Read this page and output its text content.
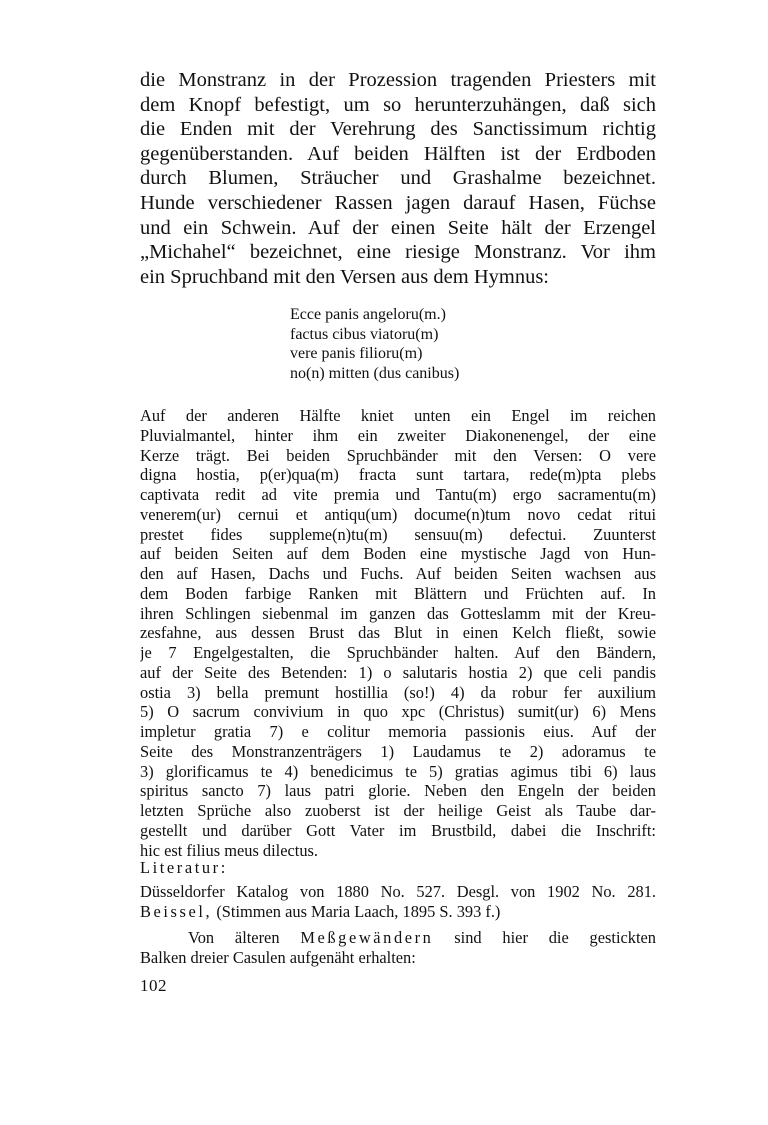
die Monstranz in der Prozession tragenden Priesters mit
dem Knopf befestigt, um so herunterzuhängen, daß sich
die Enden mit der Verehrung des Sanctissimum richtig
gegenüberstanden. Auf beiden Hälften ist der Erdboden
durch Blumen, Sträucher und Grashalme bezeichnet.
Hunde verschiedener Rassen jagen darauf Hasen, Füchse
und ein Schwein. Auf der einen Seite hält der Erzengel
„Michahel“ bezeichnet, eine riesige Monstranz. Vor ihm
ein Spruchband mit den Versen aus dem Hymnus:
Ecce panis angeloru(m.)
factus cibus viatoru(m)
vere panis filioru(m)
no(n) mitten (dus canibus)
Auf der anderen Hälfte kniet unten ein Engel im reichen
Pluvialmantel, hinter ihm ein zweiter Diakonenengel, der eine
Kerze trägt. Bei beiden Spruchbänder mit den Versen: O vere
digna hostia, p(er)qua(m) fracta sunt tartara, rede(m)pta plebs
captivata redit ad vite premia und Tantu(m) ergo sacramentu(m)
venerem(ur) cernui et antiqu(um) docume(n)tum novo cedat ritui
prestet fides suppleme(n)tu(m) sensuu(m) defectui. Zuunterst
auf beiden Seiten auf dem Boden eine mystische Jagd von Hun-
den auf Hasen, Dachs und Fuchs. Auf beiden Seiten wachsen aus
dem Boden farbige Ranken mit Blättern und Früchten auf. In
ihren Schlingen siebenmal im ganzen das Gotteslamm mit der Kreu-
zesfahne, aus dessen Brust das Blut in einen Kelch fließt, sowie
je 7 Engelgestalten, die Spruchbänder halten. Auf den Bändern,
auf der Seite des Betenden: 1) o salutaris hostia 2) que celi pandis
ostia 3) bella premunt hostillia (so!) 4) da robur fer auxilium
5) O sacrum convivium in quo xpc (Christus) sumit(ur) 6) Mens
impletur gratia 7) e colitur memoria passionis eius. Auf der
Seite des Monstranzenträgers 1) Laudamus te 2) adoramus te
3) glorificamus te 4) benedicimus te 5) gratias agimus tibi 6) laus
spiritus sancto 7) laus patri glorie. Neben den Engeln der beiden
letzten Sprüche also zuoberst ist der heilige Geist als Taube dar-
gestellt und darüber Gott Vater im Brustbild, dabei die Inschrift:
hic est filius meus dilectus.
Literatur:
Düsseldorfer Katalog von 1880 No. 527. Desgl. von 1902 No. 281.
Beissel, (Stimmen aus Maria Laach, 1895 S. 393 f.)
Von älteren Meßgewändern sind hier die gestickten
Balken dreier Casulen aufgenäht erhalten:
102
